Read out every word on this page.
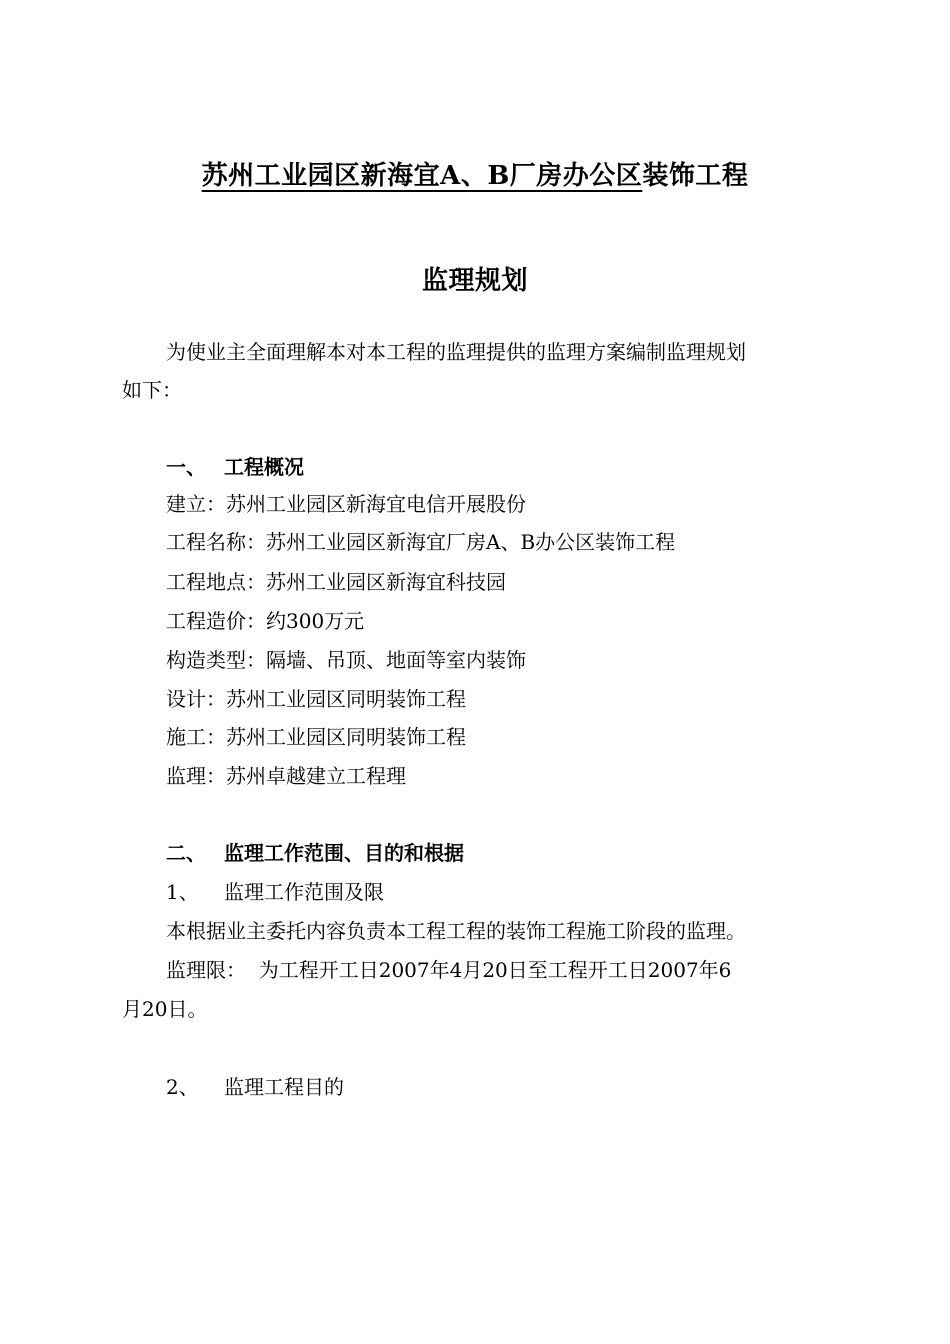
苏州工业园区新海宜A、B厂房办公区装饰工程
监理规划
为使业主全面理解本对本工程的监理提供的监理方案编制监理规划
如下：
一、 工程概况
建立：苏州工业园区新海宜电信开展股份
工程名称：苏州工业园区新海宜厂房A、B办公区装饰工程
工程地点：苏州工业园区新海宜科技园
工程造价：约300万元
构造类型：隔墙、吊顶、地面等室内装饰
设计：苏州工业园区同明装饰工程
施工：苏州工业园区同明装饰工程
监理：苏州卓越建立工程理
二、 监理工作范围、目的和根据
1、 监理工作范围及限
本根据业主委托内容负责本工程工程的装饰工程施工阶段的监理。
监理限：  为工程开工日2007年4月20日至工程开工日2007年6
月20日。
2、 监理工程目的
